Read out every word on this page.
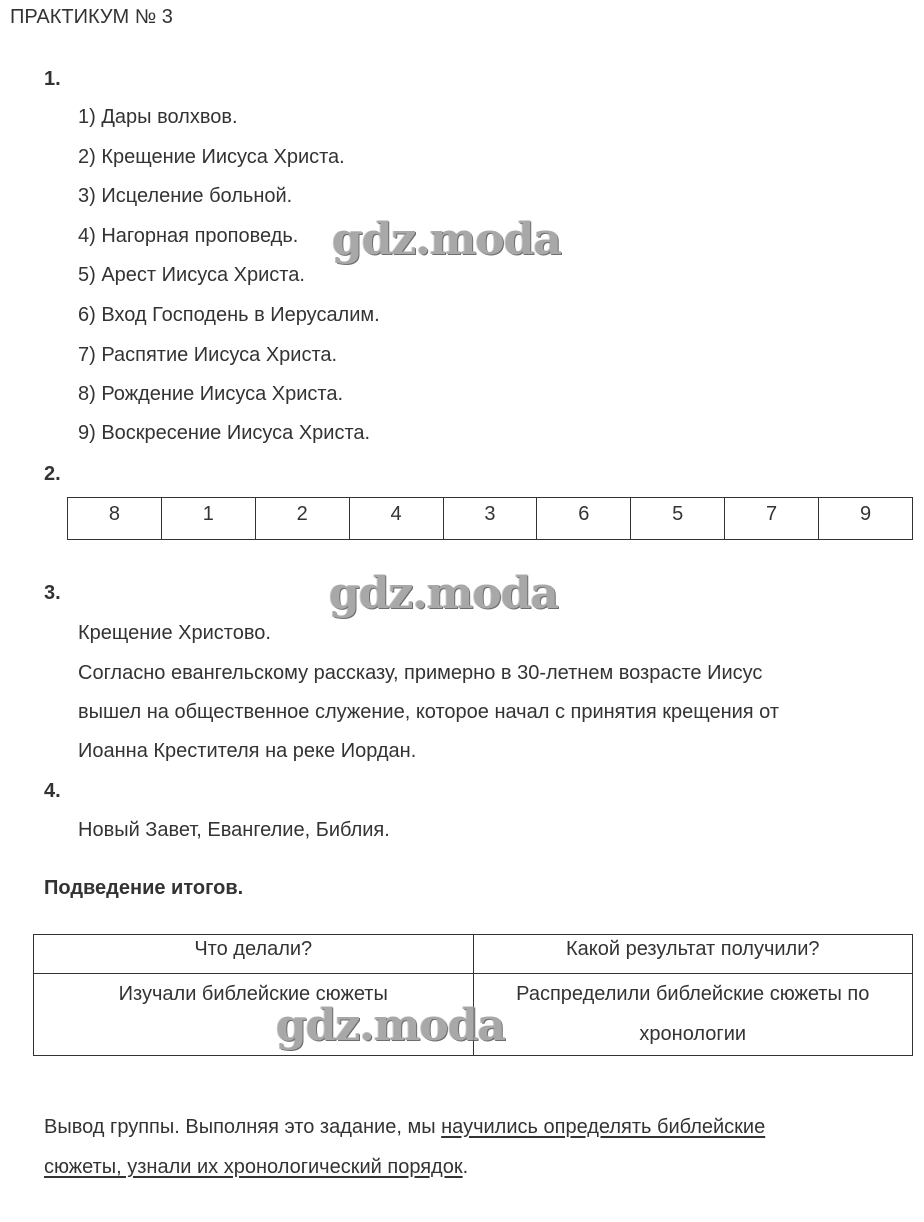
ПРАКТИКУМ № 3
1.
1) Дары волхвов.
2) Крещение Иисуса Христа.
3) Исцеление больной.
4) Нагорная проповедь.
5) Арест Иисуса Христа.
6) Вход Господень в Иерусалим.
7) Распятие Иисуса Христа.
8) Рождение Иисуса Христа.
9) Воскресение Иисуса Христа.
2.
8	1	2	4	3	6	5	7	9
3.
Крещение Христово.
Согласно евангельскому рассказу, примерно в 30-летнем возрасте Иисус
вышел на общественное служение, которое начал с принятия крещения от
Иоанна Крестителя на реке Иордан.
4.
Новый Завет, Евангелие, Библия.
Подведение итогов.
Что делали?	Какой результат получили?
Изучали библейские сюжеты	Распределили библейские сюжеты по
хронологии
Вывод группы. Выполняя это задание, мы научились определять библейские
сюжеты, узнали их хронологический порядок.
gdz.moda
gdz.moda
gdz.moda
